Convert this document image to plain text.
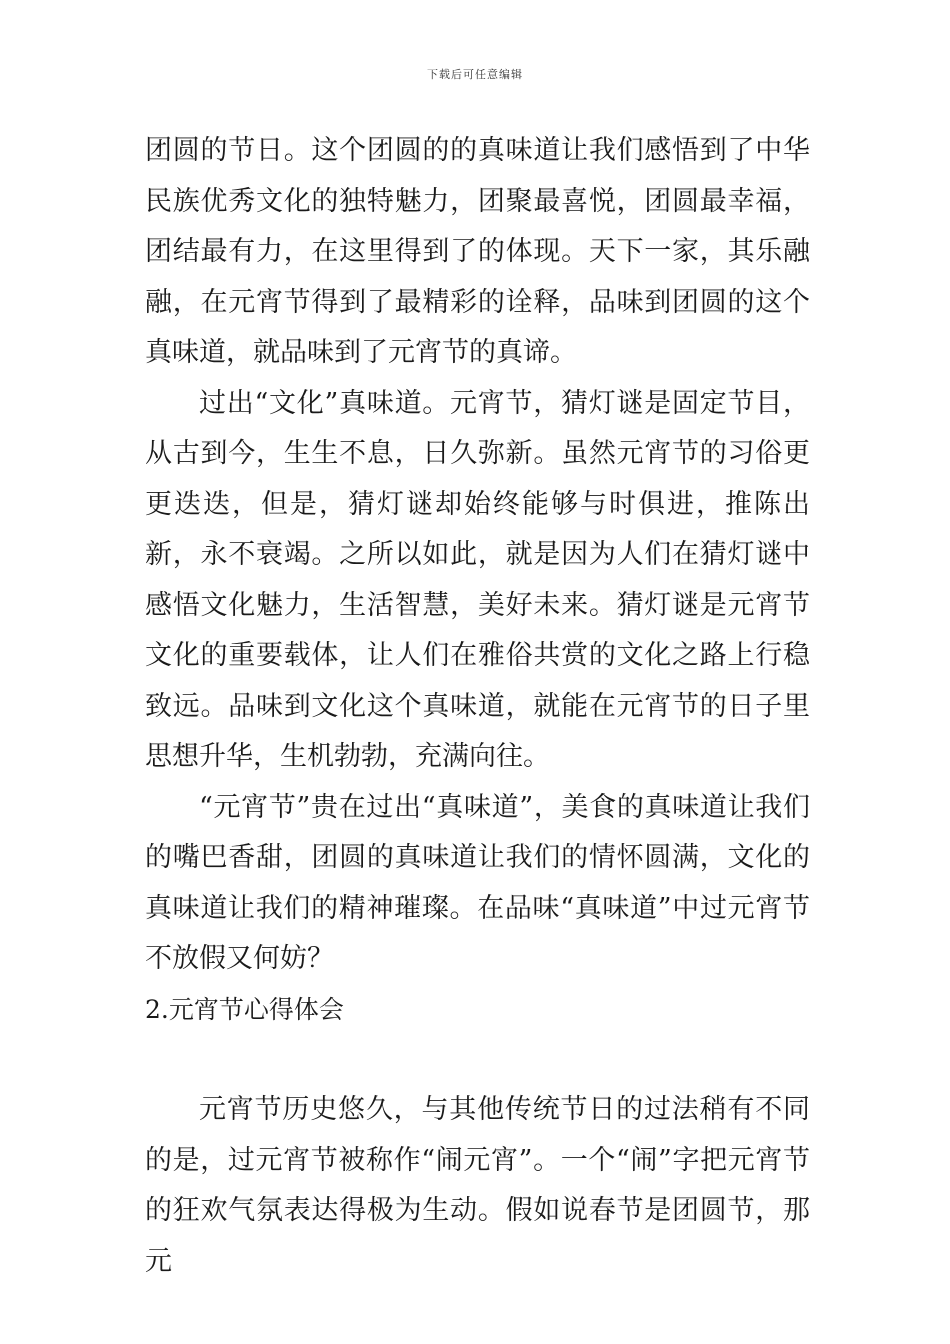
下载后可任意编辑

团圆的节日。这个团圆的的真味道让我们感悟到了中华民族优秀文化的独特魅力，团聚最喜悦，团圆最幸福，团结最有力，在这里得到了的体现。天下一家，其乐融融，在元宵节得到了最精彩的诠释，品味到团圆的这个真味道，就品味到了元宵节的真谛。

过出“文化”真味道。元宵节，猜灯谜是固定节目，从古到今，生生不息，日久弥新。虽然元宵节的习俗更更迭迭，但是，猜灯谜却始终能够与时俱进，推陈出新，永不衰竭。之所以如此，就是因为人们在猜灯谜中感悟文化魅力，生活智慧，美好未来。猜灯谜是元宵节文化的重要载体，让人们在雅俗共赏的文化之路上行稳致远。品味到文化这个真味道，就能在元宵节的日子里思想升华，生机勃勃，充满向往。

“元宵节”贵在过出“真味道”，美食的真味道让我们的嘴巴香甜，团圆的真味道让我们的情怀圆满，文化的真味道让我们的精神璀璨。在品味“真味道”中过元宵节不放假又何妨？

2.元宵节心得体会

元宵节历史悠久，与其他传统节日的过法稍有不同的是，过元宵节被称作“闹元宵”。一个“闹”字把元宵节的狂欢气氛表达得极为生动。假如说春节是团圆节，那元
